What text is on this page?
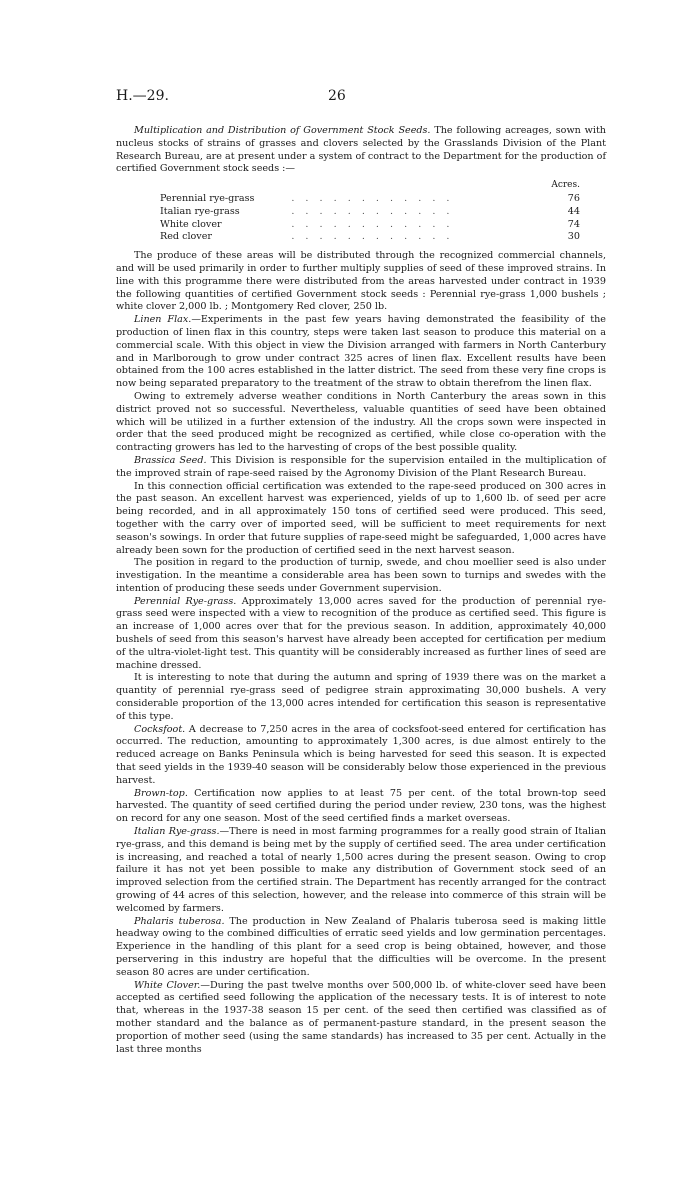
H.—29.	26

Multiplication and Distribution of Government Stock Seeds. The following acreages, sown with nucleus stocks of strains of grasses and clovers selected by the Grasslands Division of the Plant Research Bureau, are at present under a system of contract to the Department for the production of certified Government stock seeds :—

Acres.
Perennial rye-grass	. . . . . . . . . . . .	76
Italian rye-grass	. . . . . . . . . . . .	44
White clover	. . . . . . . . . . . .	74
Red clover	. . . . . . . . . . . .	30

The produce of these areas will be distributed through the recognized commercial channels, and will be used primarily in order to further multiply supplies of seed of these improved strains. In line with this programme there were distributed from the areas harvested under contract in 1939 the following quantities of certified Government stock seeds : Perennial rye-grass 1,000 bushels ; white clover 2,000 lb. ; Montgomery Red clover, 250 lb.

Linen Flax.—Experiments in the past few years having demonstrated the feasibility of the production of linen flax in this country, steps were taken last season to produce this material on a commercial scale. With this object in view the Division arranged with farmers in North Canterbury and in Marlborough to grow under contract 325 acres of linen flax. Excellent results have been obtained from the 100 acres established in the latter district. The seed from these very fine crops is now being separated preparatory to the treatment of the straw to obtain therefrom the linen flax.

Owing to extremely adverse weather conditions in North Canterbury the areas sown in this district proved not so successful. Nevertheless, valuable quantities of seed have been obtained which will be utilized in a further extension of the industry. All the crops sown were inspected in order that the seed produced might be recognized as certified, while close co-operation with the contracting growers has led to the harvesting of crops of the best possible quality.

Brassica Seed. This Division is responsible for the supervision entailed in the multiplication of the improved strain of rape-seed raised by the Agronomy Division of the Plant Research Bureau.

In this connection official certification was extended to the rape-seed produced on 300 acres in the past season. An excellent harvest was experienced, yields of up to 1,600 lb. of seed per acre being recorded, and in all approximately 150 tons of certified seed were produced. This seed, together with the carry over of imported seed, will be sufficient to meet requirements for next season's sowings. In order that future supplies of rape-seed might be safeguarded, 1,000 acres have already been sown for the production of certified seed in the next harvest season.

The position in regard to the production of turnip, swede, and chou moellier seed is also under investigation. In the meantime a considerable area has been sown to turnips and swedes with the intention of producing these seeds under Government supervision.

Perennial Rye-grass. Approximately 13,000 acres saved for the production of perennial rye-grass seed were inspected with a view to recognition of the produce as certified seed. This figure is an increase of 1,000 acres over that for the previous season. In addition, approximately 40,000 bushels of seed from this season's harvest have already been accepted for certification per medium of the ultra-violet-light test. This quantity will be considerably increased as further lines of seed are machine dressed.

It is interesting to note that during the autumn and spring of 1939 there was on the market a quantity of perennial rye-grass seed of pedigree strain approximating 30,000 bushels. A very considerable proportion of the 13,000 acres intended for certification this season is representative of this type.

Cocksfoot. A decrease to 7,250 acres in the area of cocksfoot-seed entered for certification has occurred. The reduction, amounting to approximately 1,300 acres, is due almost entirely to the reduced acreage on Banks Peninsula which is being harvested for seed this season. It is expected that seed yields in the 1939-40 season will be considerably below those experienced in the previous harvest.

Brown-top. Certification now applies to at least 75 per cent. of the total brown-top seed harvested. The quantity of seed certified during the period under review, 230 tons, was the highest on record for any one season. Most of the seed certified finds a market overseas.

Italian Rye-grass.—There is need in most farming programmes for a really good strain of Italian rye-grass, and this demand is being met by the supply of certified seed. The area under certification is increasing, and reached a total of nearly 1,500 acres during the present season. Owing to crop failure it has not yet been possible to make any distribution of Government stock seed of an improved selection from the certified strain. The Department has recently arranged for the contract growing of 44 acres of this selection, however, and the release into commerce of this strain will be welcomed by farmers.

Phalaris tuberosa. The production in New Zealand of Phalaris tuberosa seed is making little headway owing to the combined difficulties of erratic seed yields and low germination percentages. Experience in the handling of this plant for a seed crop is being obtained, however, and those perservering in this industry are hopeful that the difficulties will be overcome. In the present season 80 acres are under certification.

White Clover.—During the past twelve months over 500,000 lb. of white-clover seed have been accepted as certified seed following the application of the necessary tests. It is of interest to note that, whereas in the 1937-38 season 15 per cent. of the seed then certified was classified as of mother standard and the balance as of permanent-pasture standard, in the present season the proportion of mother seed (using the same standards) has increased to 35 per cent. Actually in the last three months
